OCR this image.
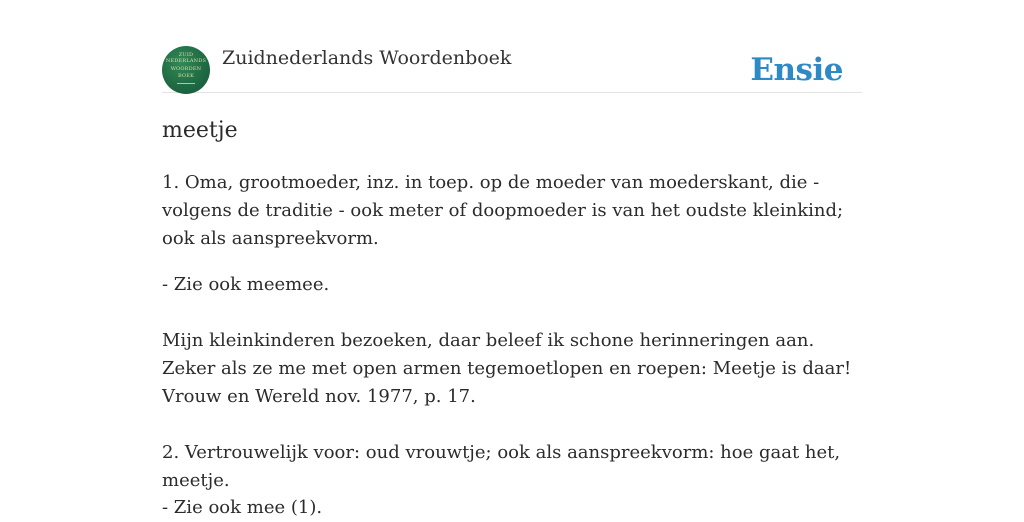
ZUID
NEDERLANDS
WOORDEN
BOEK
Zuidnederlands Woordenboek	Ensie
meetje
1. Oma, grootmoeder, inz. in toep. op de moeder van moederskant, die - volgens de traditie - ook meter of doopmoeder is van het oudste kleinkind; ook als aanspreekvorm.
- Zie ook meemee.
Mijn kleinkinderen bezoeken, daar beleef ik schone herinneringen aan. Zeker als ze me met open armen tegemoetlopen en roepen: Meetje is daar! Vrouw en Wereld nov. 1977, p. 17.
2. Vertrouwelijk voor: oud vrouwtje; ook als aanspreekvorm: hoe gaat het, meetje.
- Zie ook mee (1).
